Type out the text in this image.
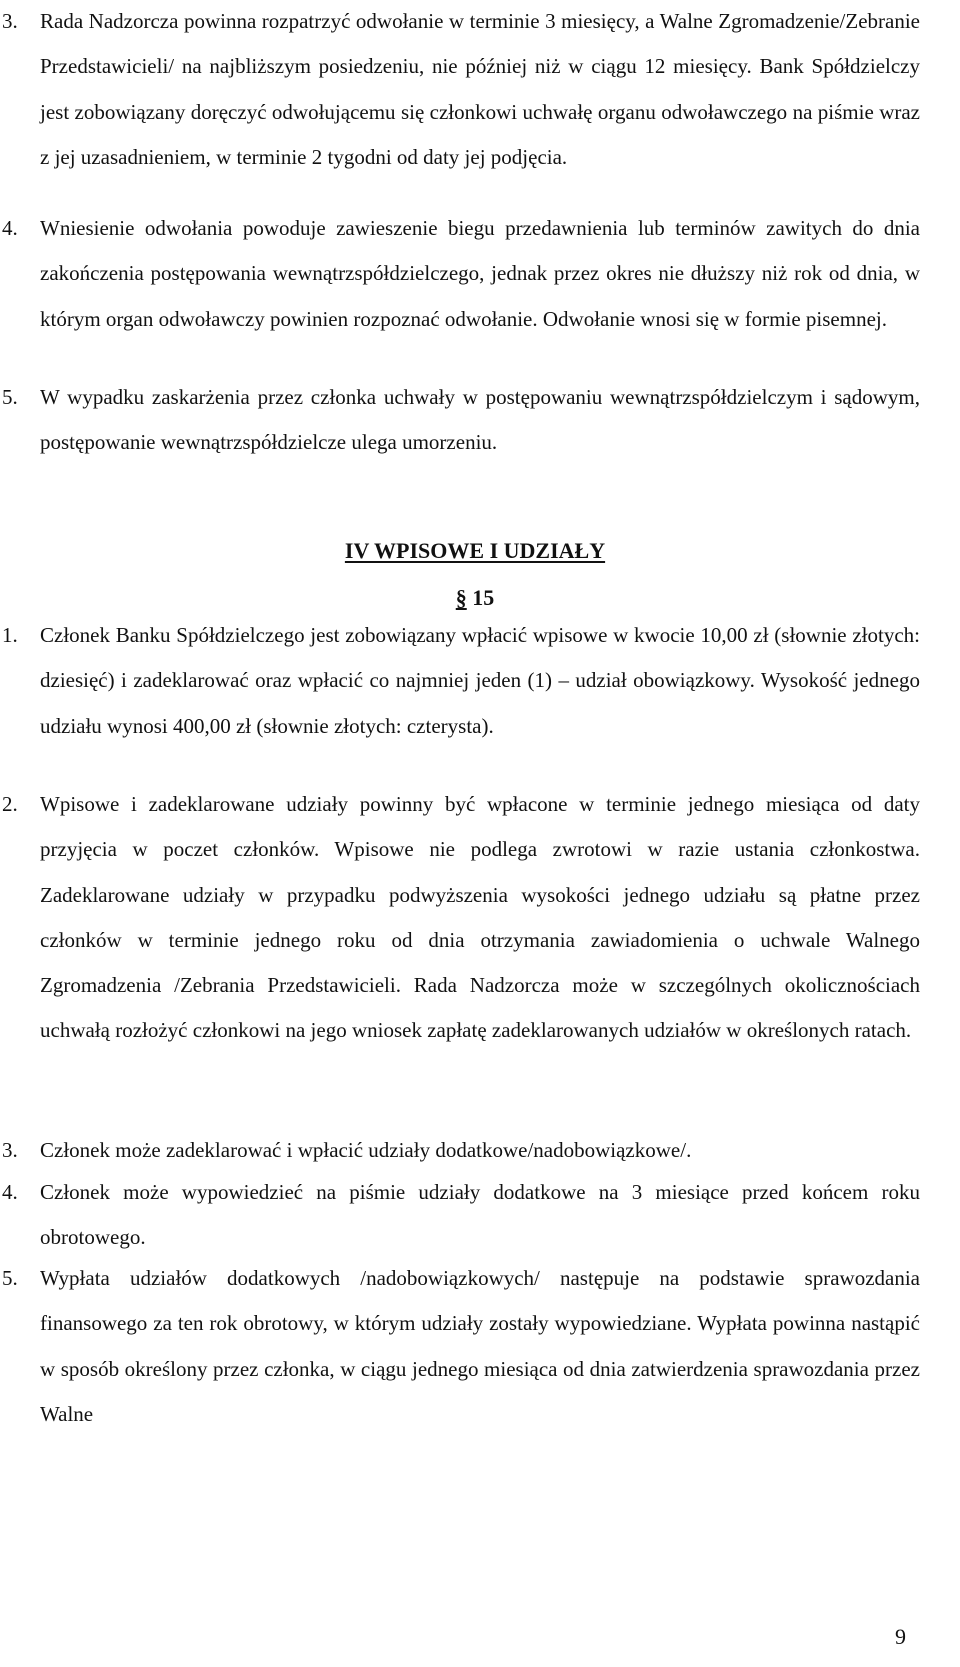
3. Rada Nadzorcza powinna rozpatrzyć odwołanie w terminie 3 miesięcy, a Walne Zgromadzenie/Zebranie Przedstawicieli/ na najbliższym posiedzeniu, nie później niż w ciągu 12 miesięcy. Bank Spółdzielczy jest zobowiązany doręczyć odwołującemu się członkowi uchwałę organu odwoławczego na piśmie wraz z jej uzasadnieniem, w terminie 2 tygodni od daty jej podjęcia.

4. Wniesienie odwołania powoduje zawieszenie biegu przedawnienia lub terminów zawitych do dnia zakończenia postępowania wewnątrzspółdzielczego, jednak przez okres nie dłuższy niż rok od dnia, w którym organ odwoławczy powinien rozpoznać odwołanie. Odwołanie wnosi się w formie pisemnej.

5. W wypadku zaskarżenia przez członka uchwały w postępowaniu wewnątrzspółdzielczym i sądowym, postępowanie wewnątrzspółdzielcze ulega umorzeniu.

IV WPISOWE I UDZIAŁY
§ 15
1. Członek Banku Spółdzielczego jest zobowiązany wpłacić wpisowe w kwocie 10,00 zł (słownie złotych: dziesięć) i zadeklarować oraz wpłacić co najmniej jeden (1) – udział obowiązkowy. Wysokość jednego udziału wynosi 400,00 zł (słownie złotych: czterysta).

2. Wpisowe i zadeklarowane udziały powinny być wpłacone w terminie jednego miesiąca od daty przyjęcia w poczet członków. Wpisowe nie podlega zwrotowi w razie ustania członkostwa. Zadeklarowane udziały w przypadku podwyższenia wysokości jednego udziału są płatne przez członków w terminie jednego roku od dnia otrzymania zawiadomienia o uchwale Walnego Zgromadzenia /Zebrania Przedstawicieli. Rada Nadzorcza może w szczególnych okolicznościach uchwałą rozłożyć członkowi na jego wniosek zapłatę zadeklarowanych udziałów w określonych ratach.

3. Członek może zadeklarować i wpłacić udziały dodatkowe/nadobowiązkowe/.

4. Członek może wypowiedzieć na piśmie udziały dodatkowe na 3 miesiące przed końcem roku obrotowego.

5. Wypłata udziałów dodatkowych /nadobowiązkowych/ następuje na podstawie sprawozdania finansowego za ten rok obrotowy, w którym udziały zostały wypowiedziane. Wypłata powinna nastąpić w sposób określony przez członka, w ciągu jednego miesiąca od dnia zatwierdzenia sprawozdania przez Walne

9
